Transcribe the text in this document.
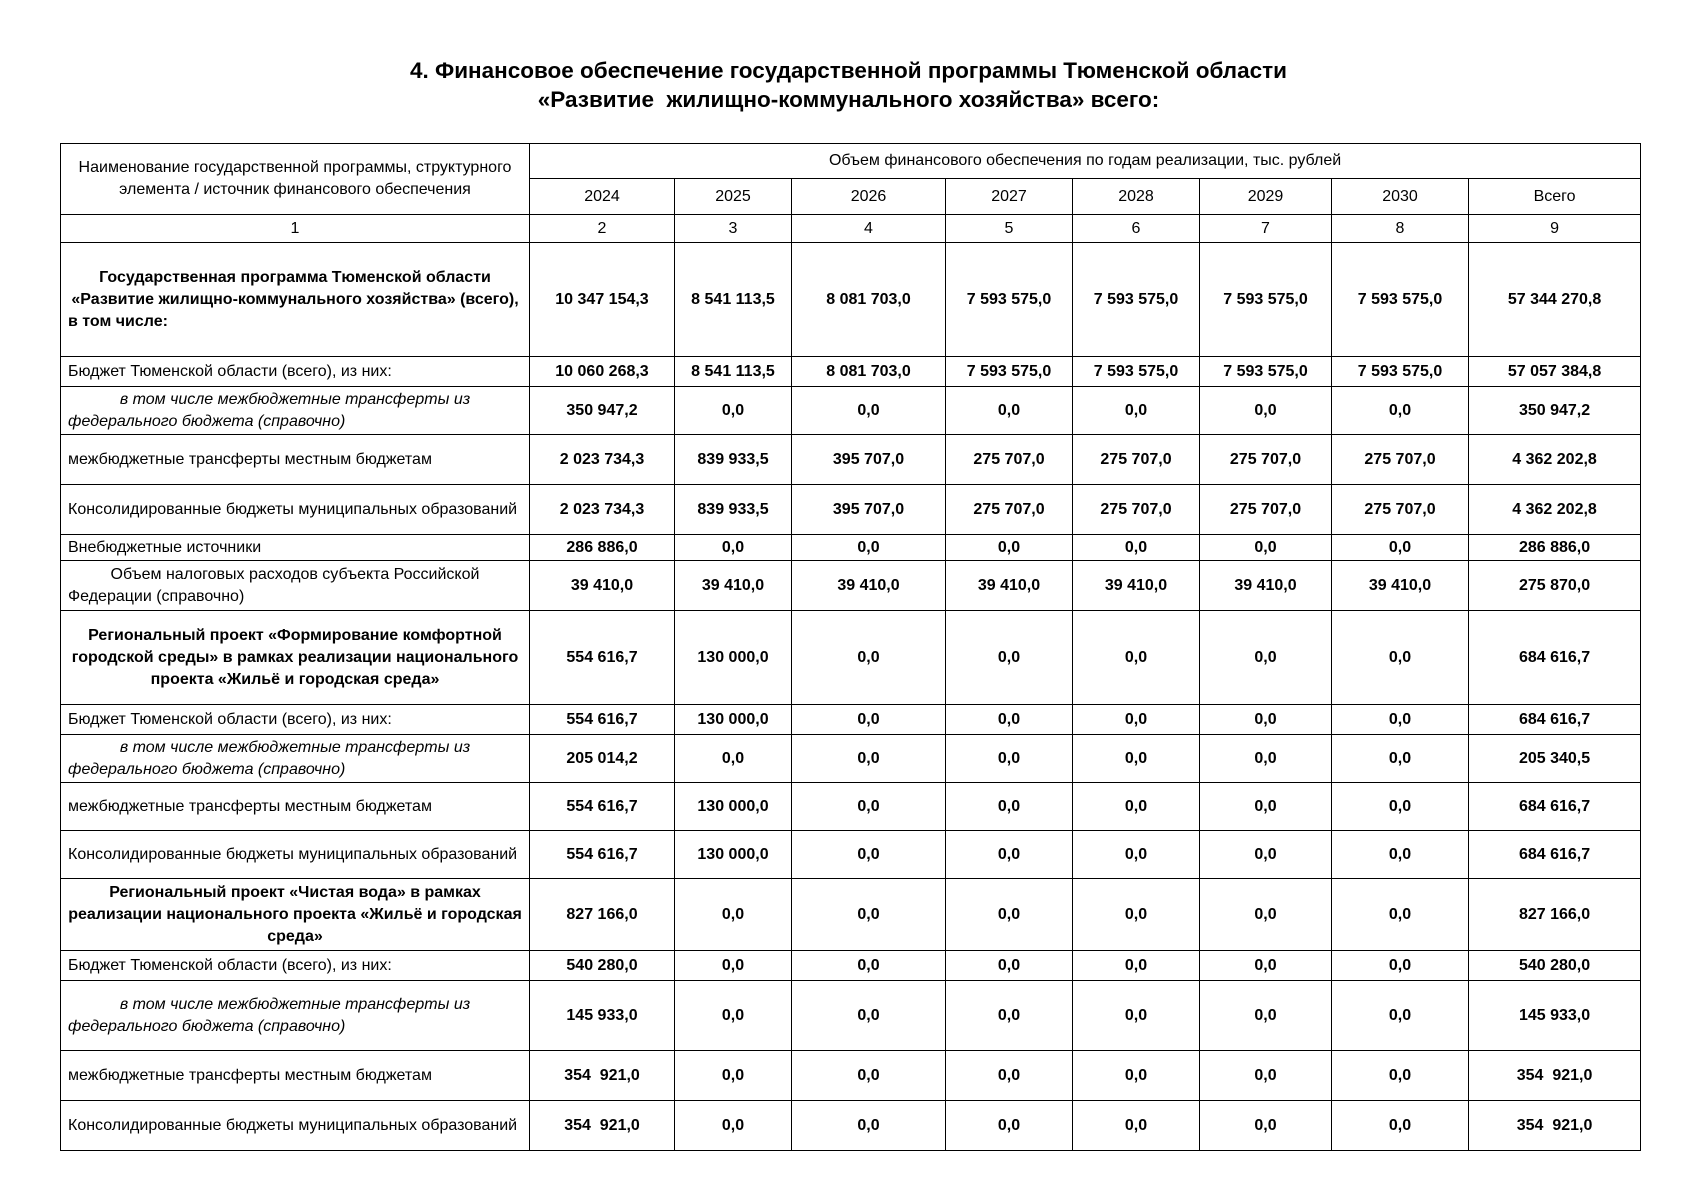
4. Финансовое обеспечение государственной программы Тюменской области
«Развитие  жилищно-коммунального хозяйства» всего:
Наименование государственной программы, структурного элемента / источник финансового обеспечения	Объем финансового обеспечения по годам реализации, тыс. рублей							
	2024	2025	2026	2027	2028	2029	2030	Всего
1	2	3	4	5	6	7	8	9
Государственная программа Тюменской области «Развитие жилищно-коммунального хозяйства» (всего), в том числе:	10 347 154,3	8 541 113,5	8 081 703,0	7 593 575,0	7 593 575,0	7 593 575,0	7 593 575,0	57 344 270,8
Бюджет Тюменской области (всего), из них:	10 060 268,3	8 541 113,5	8 081 703,0	7 593 575,0	7 593 575,0	7 593 575,0	7 593 575,0	57 057 384,8
в том числе межбюджетные трансферты из федерального бюджета (справочно)	350 947,2	0,0	0,0	0,0	0,0	0,0	0,0	350 947,2
межбюджетные трансферты местным бюджетам	2 023 734,3	839 933,5	395 707,0	275 707,0	275 707,0	275 707,0	275 707,0	4 362 202,8
Консолидированные бюджеты муниципальных образований	2 023 734,3	839 933,5	395 707,0	275 707,0	275 707,0	275 707,0	275 707,0	4 362 202,8
Внебюджетные источники	286 886,0	0,0	0,0	0,0	0,0	0,0	0,0	286 886,0
Объем налоговых расходов субъекта Российской Федерации (справочно)	39 410,0	39 410,0	39 410,0	39 410,0	39 410,0	39 410,0	39 410,0	275 870,0
Региональный проект «Формирование комфортной городской среды» в рамках реализации национального проекта «Жильё и городская среда»	554 616,7	130 000,0	0,0	0,0	0,0	0,0	0,0	684 616,7
Бюджет Тюменской области (всего), из них:	554 616,7	130 000,0	0,0	0,0	0,0	0,0	0,0	684 616,7
в том числе межбюджетные трансферты из федерального бюджета (справочно)	205 014,2	0,0	0,0	0,0	0,0	0,0	0,0	205 340,5
межбюджетные трансферты местным бюджетам	554 616,7	130 000,0	0,0	0,0	0,0	0,0	0,0	684 616,7
Консолидированные бюджеты муниципальных образований	554 616,7	130 000,0	0,0	0,0	0,0	0,0	0,0	684 616,7
Региональный проект «Чистая вода» в рамках реализации национального проекта «Жильё и городская среда»	827 166,0	0,0	0,0	0,0	0,0	0,0	0,0	827 166,0
Бюджет Тюменской области (всего), из них:	540 280,0	0,0	0,0	0,0	0,0	0,0	0,0	540 280,0
в том числе межбюджетные трансферты из федерального бюджета (справочно)	145 933,0	0,0	0,0	0,0	0,0	0,0	0,0	145 933,0
межбюджетные трансферты местным бюджетам	354  921,0	0,0	0,0	0,0	0,0	0,0	0,0	354  921,0
Консолидированные бюджеты муниципальных образований	354  921,0	0,0	0,0	0,0	0,0	0,0	0,0	354  921,0
